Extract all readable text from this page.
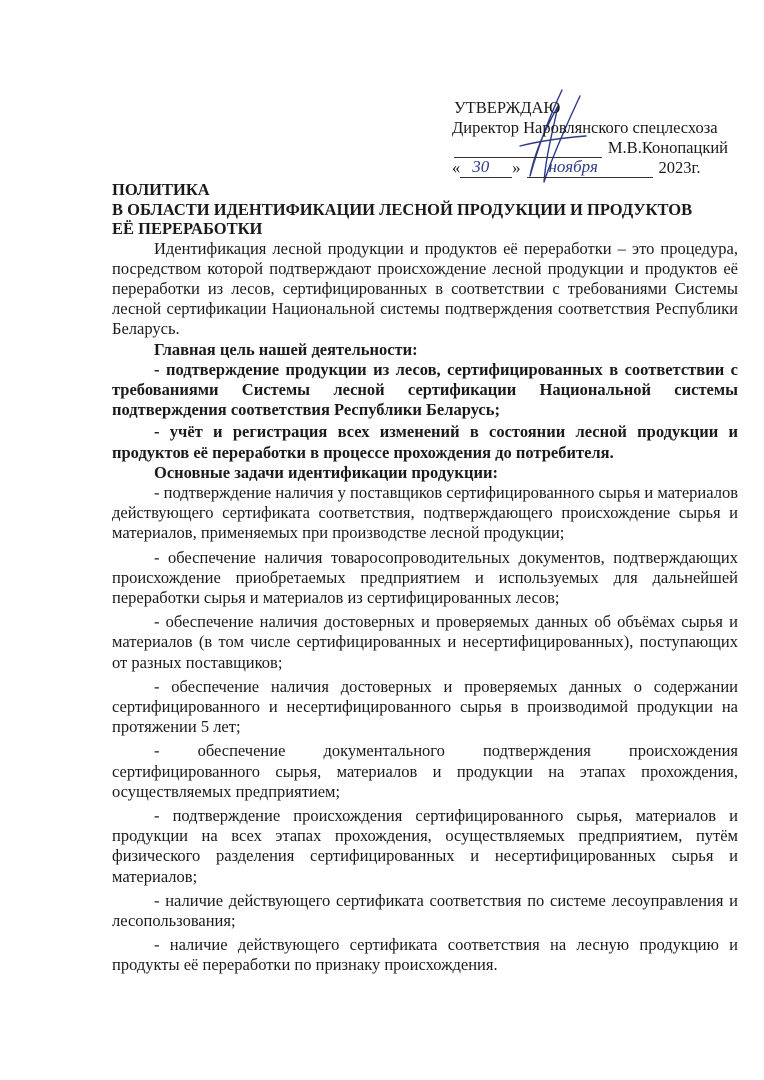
УТВЕРЖДАЮ
Директор Наровлянского спецлесхоза
М.В.Конопацкий
« 30 » ноября	2023г.
ПОЛИТИКА
В ОБЛАСТИ ИДЕНТИФИКАЦИИ ЛЕСНОЙ ПРОДУКЦИИ И ПРОДУКТОВ
ЕЁ ПЕРЕРАБОТКИ

Идентификация лесной продукции и продуктов её переработки – это процедура, посредством которой подтверждают происхождение лесной продукции и продуктов её переработки из лесов, сертифицированных в соответствии с требованиями Системы лесной сертификации Национальной системы подтверждения соответствия Республики Беларусь.

Главная цель нашей деятельности:

- подтверждение продукции из лесов, сертифицированных в соответствии с требованиями Системы лесной сертификации Национальной системы подтверждения соответствия Республики Беларусь;

- учёт и регистрация всех изменений в состоянии лесной продукции и продуктов её переработки в процессе прохождения до потребителя.

Основные задачи идентификации продукции:

- подтверждение наличия у поставщиков сертифицированного сырья и материалов действующего сертификата соответствия, подтверждающего происхождение сырья и материалов, применяемых при производстве лесной продукции;

- обеспечение наличия товаросопроводительных документов, подтверждающих происхождение приобретаемых предприятием и используемых для дальнейшей переработки сырья и материалов из сертифицированных лесов;

- обеспечение наличия достоверных и проверяемых данных об объёмах сырья и материалов (в том числе сертифицированных и несертифицированных), поступающих от разных поставщиков;

- обеспечение наличия достоверных и проверяемых данных о содержании сертифицированного и несертифицированного сырья в производимой продукции на протяжении 5 лет;

- обеспечение документального подтверждения происхождения сертифицированного сырья, материалов и продукции на этапах прохождения, осуществляемых предприятием;

- подтверждение происхождения сертифицированного сырья, материалов и продукции на всех этапах прохождения, осуществляемых предприятием, путём физического разделения сертифицированных и несертифицированных сырья и материалов;

- наличие действующего сертификата соответствия по системе лесоуправления и лесопользования;

- наличие действующего сертификата соответствия на лесную продукцию и продукты её переработки по признаку происхождения.
